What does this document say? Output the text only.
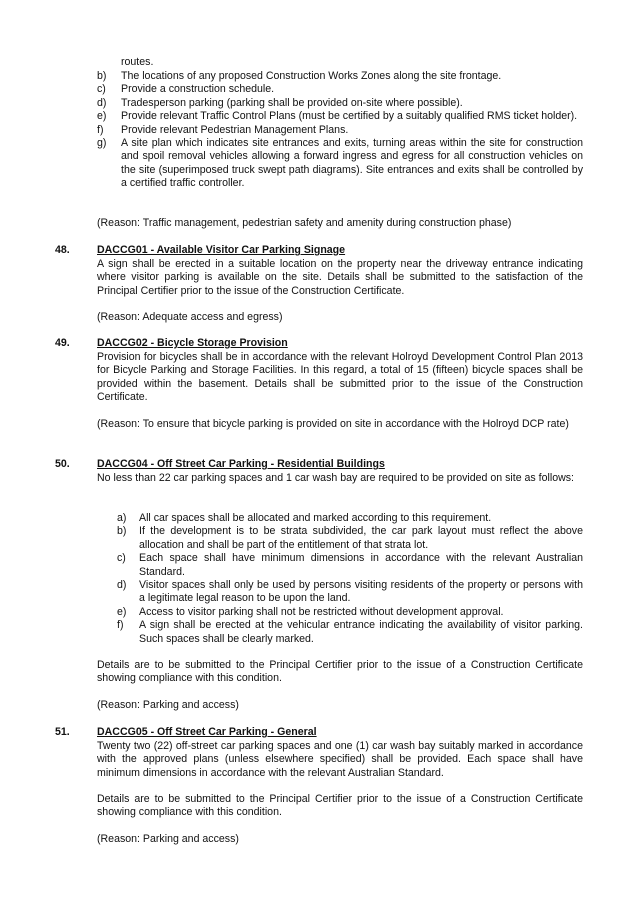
routes.
b)	The locations of any proposed Construction Works Zones along the site frontage.
c)	Provide a construction schedule.
d)	Tradesperson parking (parking shall be provided on-site where possible).
e)	Provide relevant Traffic Control Plans (must be certified by a suitably qualified RMS ticket holder).
f)	Provide relevant Pedestrian Management Plans.
g)	A site plan which indicates site entrances and exits, turning areas within the site for construction and spoil removal vehicles allowing a forward ingress and egress for all construction vehicles on the site (superimposed truck swept path diagrams). Site entrances and exits shall be controlled by a certified traffic controller.
(Reason: Traffic management, pedestrian safety and amenity during construction phase)
48.	DACCG01 - Available Visitor Car Parking Signage
A sign shall be erected in a suitable location on the property near the driveway entrance indicating where visitor parking is available on the site. Details shall be submitted to the satisfaction of the Principal Certifier prior to the issue of the Construction Certificate.
(Reason: Adequate access and egress)
49.	DACCG02 - Bicycle Storage Provision
Provision for bicycles shall be in accordance with the relevant Holroyd Development Control Plan 2013 for Bicycle Parking and Storage Facilities. In this regard, a total of 15 (fifteen) bicycle spaces shall be provided within the basement. Details shall be submitted prior to the issue of the Construction Certificate.
(Reason: To ensure that bicycle parking is provided on site in accordance with the Holroyd DCP rate)
50.	DACCG04 - Off Street Car Parking - Residential Buildings
No less than 22 car parking spaces and 1 car wash bay are required to be provided on site as follows:
a)	All car spaces shall be allocated and marked according to this requirement.
b)	If the development is to be strata subdivided, the car park layout must reflect the above allocation and shall be part of the entitlement of that strata lot.
c)	Each space shall have minimum dimensions in accordance with the relevant Australian Standard.
d)	Visitor spaces shall only be used by persons visiting residents of the property or persons with a legitimate legal reason to be upon the land.
e)	Access to visitor parking shall not be restricted without development approval.
f)	A sign shall be erected at the vehicular entrance indicating the availability of visitor parking. Such spaces shall be clearly marked.
Details are to be submitted to the Principal Certifier prior to the issue of a Construction Certificate showing compliance with this condition.
(Reason: Parking and access)
51.	DACCG05 - Off Street Car Parking - General
Twenty two (22) off-street car parking spaces and one (1) car wash bay suitably marked in accordance with the approved plans (unless elsewhere specified) shall be provided. Each space shall have minimum dimensions in accordance with the relevant Australian Standard.
Details are to be submitted to the Principal Certifier prior to the issue of a Construction Certificate showing compliance with this condition.
(Reason: Parking and access)
